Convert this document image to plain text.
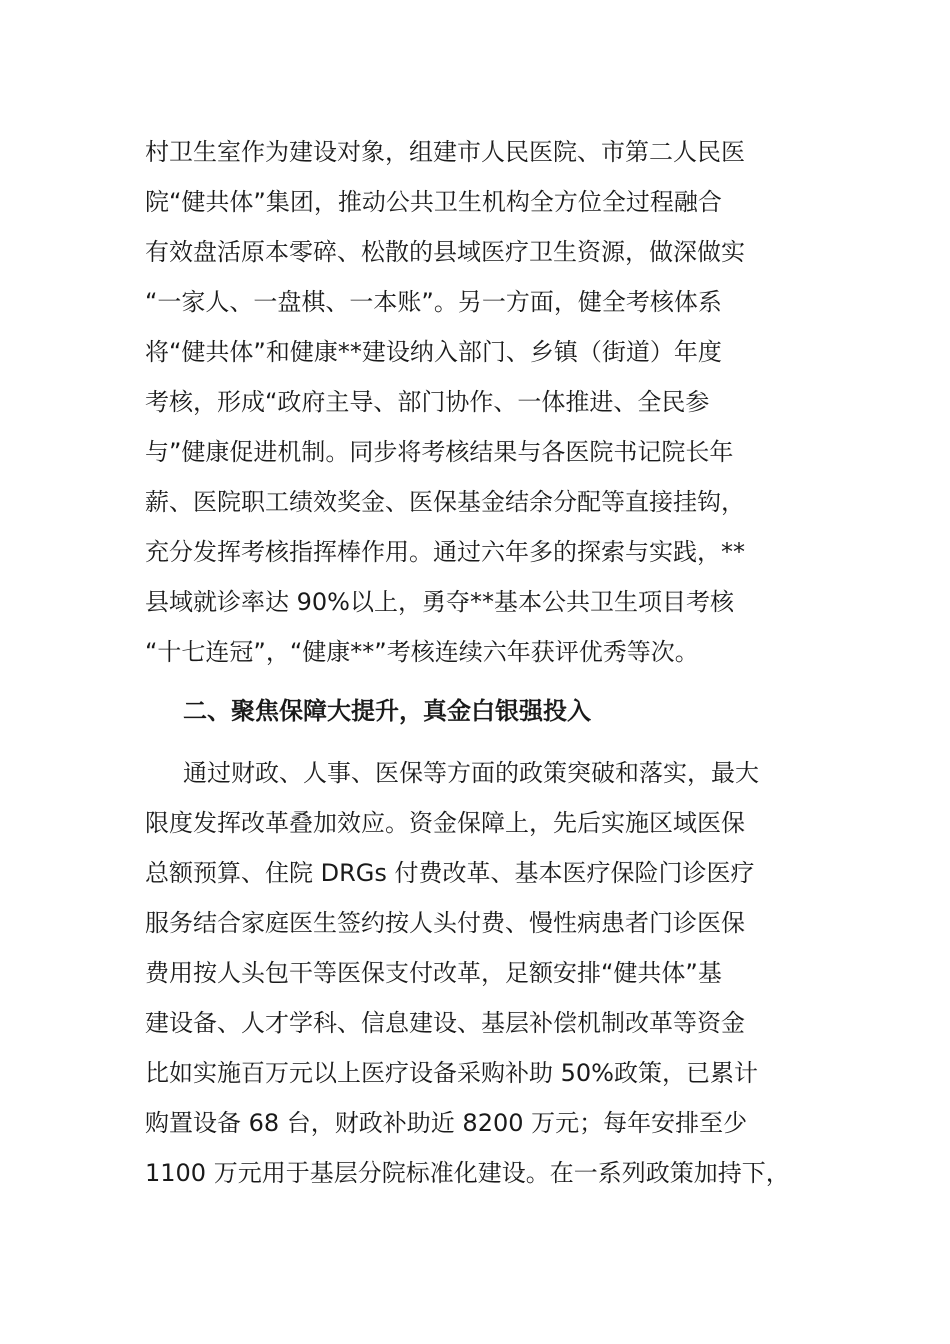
村卫生室作为建设对象，组建市人民医院、市第二人民医
院“健共体”集团，推动公共卫生机构全方位全过程融合
有效盘活原本零碎、松散的县域医疗卫生资源，做深做实
“一家人、一盘棋、一本账”。另一方面，健全考核体系
将“健共体”和健康**建设纳入部门、乡镇（街道）年度
考核，形成“政府主导、部门协作、一体推进、全民参
与”健康促进机制。同步将考核结果与各医院书记院长年
薪、医院职工绩效奖金、医保基金结余分配等直接挂钩，
充分发挥考核指挥棒作用。通过六年多的探索与实践，**
县域就诊率达 90%以上，勇夺**基本公共卫生项目考核
“十七连冠”，“健康**”考核连续六年获评优秀等次。
二、聚焦保障大提升，真金白银强投入
通过财政、人事、医保等方面的政策突破和落实，最大
限度发挥改革叠加效应。资金保障上，先后实施区域医保
总额预算、住院 DRGs 付费改革、基本医疗保险门诊医疗
服务结合家庭医生签约按人头付费、慢性病患者门诊医保
费用按人头包干等医保支付改革，足额安排“健共体”基
建设备、人才学科、信息建设、基层补偿机制改革等资金
比如实施百万元以上医疗设备采购补助 50%政策，已累计
购置设备 68 台，财政补助近 8200 万元；每年安排至少
1100 万元用于基层分院标准化建设。在一系列政策加持下，
